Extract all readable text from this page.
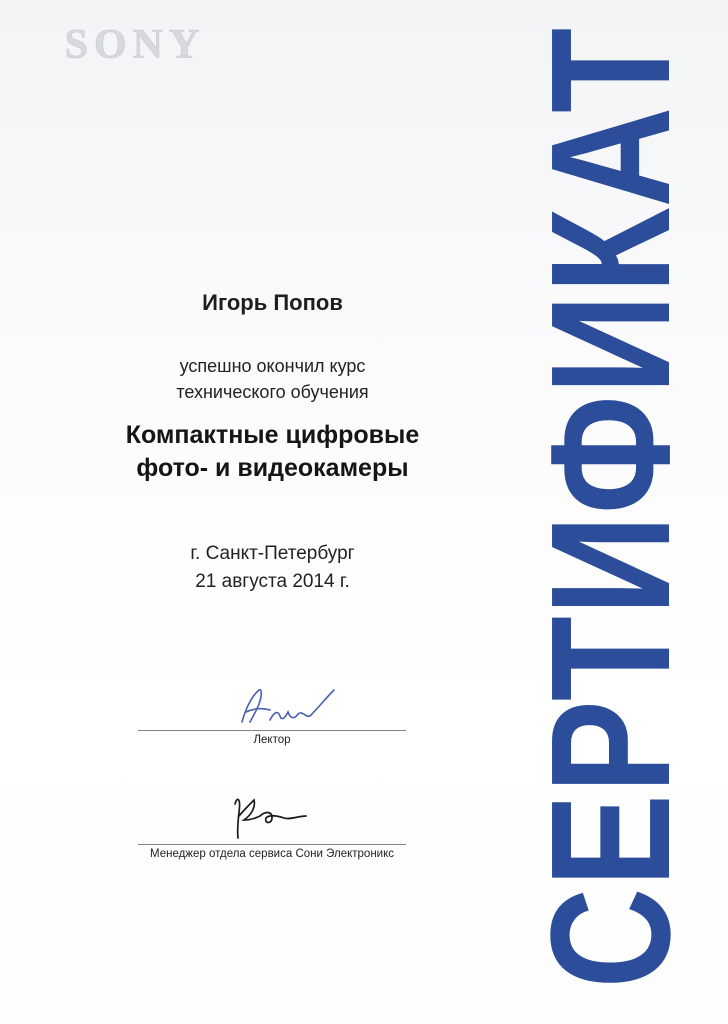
SONY СЕРТИФИКАТ

Игорь Попов

успешно окончил курс
технического обучения
Компактные цифровые
фото- и видеокамеры
г. Санкт-Петербург
21 августа 2014 г.
Лектор
Менеджер отдела сервиса Сони Электроникс
